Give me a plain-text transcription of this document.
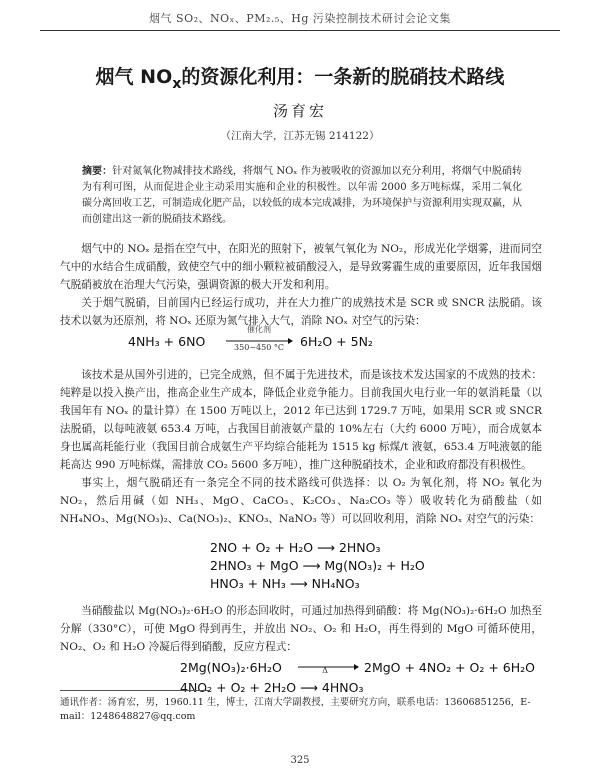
烟气 SO₂、NOₓ、PM₂.₅、Hg 污染控制技术研讨会论文集
烟气 $NO_x$的资源化利用：一条新的脱硝技术路线
汤育宏
（江南大学，江苏无锡 214122）
摘要：针对氮氧化物减排技术路线，将烟气 NOₓ 作为被吸收的资源加以充分利用，将烟气中脱硝转为有利可图，从而促进企业主动采用实施和企业的积极性。以年需 2000 多万吨标煤，采用二氧化碳分离回收工艺，可制造成化肥产品，以较低的成本完成减排，为环境保护与资源利用实现双赢，从而创建出这一新的脱硝技术路线。
烟气中的 NOₓ 是指在空气中，在阳光的照射下，被氧气氧化为 NO₂，形成光化学烟雾，进而同空气中的水结合生成硝酸，致使空气中的细小颗粒被硝酸浸入，是导致雾霾生成的重要原因，近年我国烟气脱硝被放在治理大气污染，强调资源的极大开发和利用。
关于烟气脱硝，目前国内已经运行成功，并在大力推广的成熟技术是 SCR 或 SNCR 法脱硝。该技术以氨为还原剂，将 NOₓ 还原为氮气排入大气，消除 NOₓ 对空气的污染：
4NH₃ + 6NO
催化剂
350~450 °C	6H₂O + 5N₂
该技术是从国外引进的，已完全成熟，但不属于先进技术，而是该技术发达国家的不成熟的技术：纯粹是以投入换产出，推高企业生产成本，降低企业竞争能力。目前我国火电行业一年的氨消耗量（以我国年有 NOₓ 的量计算）在 1500 万吨以上，2012 年已达到 1729.7 万吨，如果用 SCR 或 SNCR 法脱硝，以每吨液氨 653.4 万吨，占我国目前液氨产量的 10%左右（大约 6000 万吨），而合成氨本身也属高耗能行业（我国目前合成氨生产平均综合能耗为 1515 kg 标煤/t 液氨，653.4 万吨液氨的能耗高达 990 万吨标煤，需排放 CO₂ 5600 多万吨），推广这种脱硝技术，企业和政府都没有积极性。
事实上，烟气脱硝还有一条完全不同的技术路线可供选择：以 O₂ 为氧化剂，将 NO₂ 氧化为 NO₂，然后用碱（如 NH₃、MgO、CaCO₃、K₂CO₃、Na₂CO₃ 等）吸收转化为硝酸盐（如 NH₄NO₃、Mg(NO₃)₂、Ca(NO₃)₂、KNO₃、NaNO₃ 等）可以回收利用，消除 NOₓ 对空气的污染：
2NO + O₂ + H₂O ⟶ 2HNO₃
2HNO₃ + MgO ⟶ Mg(NO₃)₂ + H₂O
HNO₃ + NH₃ ⟶ NH₄NO₃
当硝酸盐以 Mg(NO₃)₂·6H₂O 的形态回收时，可通过加热得到硝酸：将 Mg(NO₃)₂·6H₂O 加热至分解（330°C），可使 MgO 得到再生，并放出 NO₂、O₂ 和 H₂O，再生得到的 MgO 可循环使用，NO₂、O₂ 和 H₂O 冷凝后得到硝酸，反应方程式：
2Mg(NO₃)₂·6H₂O	Δ	2MgO + 4NO₂ + O₂ + 6H₂O
4NO₂ + O₂ + 2H₂O ⟶ 4HNO₃
通讯作者：汤育宏，男，1960.11 生，博士，江南大学副教授，主要研究方向，联系电话：13606851256，E-mail：1248648827@qq.com
325
